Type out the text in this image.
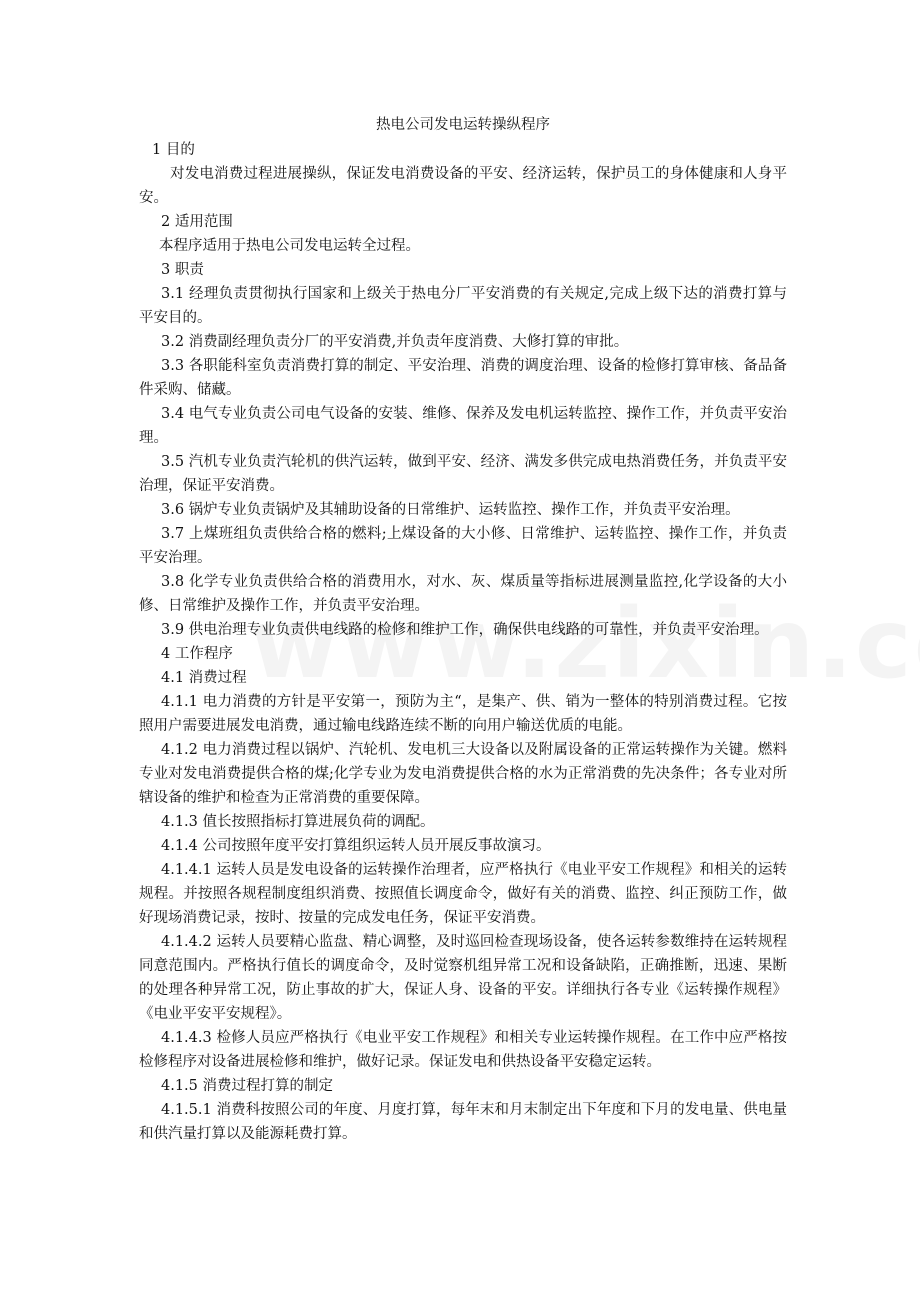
热电公司发电运转操纵程序

1 目的

对发电消费过程进展操纵，保证发电消费设备的平安、经济运转，保护员工的身体健康和人身平安。

2 适用范围

本程序适用于热电公司发电运转全过程。

3 职责

3.1 经理负责贯彻执行国家和上级关于热电分厂平安消费的有关规定,完成上级下达的消费打算与平安目的。

3.2 消费副经理负责分厂的平安消费,并负责年度消费、大修打算的审批。

3.3 各职能科室负责消费打算的制定、平安治理、消费的调度治理、设备的检修打算审核、备品备件采购、储藏。

3.4 电气专业负责公司电气设备的安装、维修、保养及发电机运转监控、操作工作，并负责平安治理。

3.5 汽机专业负责汽轮机的供汽运转，做到平安、经济、满发多供完成电热消费任务，并负责平安治理，保证平安消费。

3.6 锅炉专业负责锅炉及其辅助设备的日常维护、运转监控、操作工作，并负责平安治理。

3.7 上煤班组负责供给合格的燃料;上煤设备的大小修、日常维护、运转监控、操作工作，并负责平安治理。

3.8 化学专业负责供给合格的消费用水，对水、灰、煤质量等指标进展测量监控,化学设备的大小修、日常维护及操作工作，并负责平安治理。

3.9 供电治理专业负责供电线路的检修和维护工作，确保供电线路的可靠性，并负责平安治理。

4 工作程序

4.1 消费过程

4.1.1 电力消费的方针是平安第一，预防为主“，是集产、供、销为一整体的特别消费过程。它按照用户需要进展发电消费，通过输电线路连续不断的向用户输送优质的电能。

4.1.2 电力消费过程以锅炉、汽轮机、发电机三大设备以及附属设备的正常运转操作为关键。燃料专业对发电消费提供合格的煤;化学专业为发电消费提供合格的水为正常消费的先决条件；各专业对所辖设备的维护和检查为正常消费的重要保障。

4.1.3 值长按照指标打算进展负荷的调配。

4.1.4 公司按照年度平安打算组织运转人员开展反事故演习。

4.1.4.1 运转人员是发电设备的运转操作治理者，应严格执行《电业平安工作规程》和相关的运转规程。并按照各规程制度组织消费、按照值长调度命令，做好有关的消费、监控、纠正预防工作，做好现场消费记录，按时、按量的完成发电任务，保证平安消费。

4.1.4.2 运转人员要精心监盘、精心调整，及时巡回检查现场设备，使各运转参数维持在运转规程同意范围内。严格执行值长的调度命令，及时觉察机组异常工况和设备缺陷，正确推断，迅速、果断的处理各种异常工况，防止事故的扩大，保证人身、设备的平安。详细执行各专业《运转操作规程》《电业平安平安规程》。

4.1.4.3 检修人员应严格执行《电业平安工作规程》和相关专业运转操作规程。在工作中应严格按检修程序对设备进展检修和维护，做好记录。保证发电和供热设备平安稳定运转。

4.1.5 消费过程打算的制定

4.1.5.1 消费科按照公司的年度、月度打算，每年末和月末制定出下年度和下月的发电量、供电量和供汽量打算以及能源耗费打算。
